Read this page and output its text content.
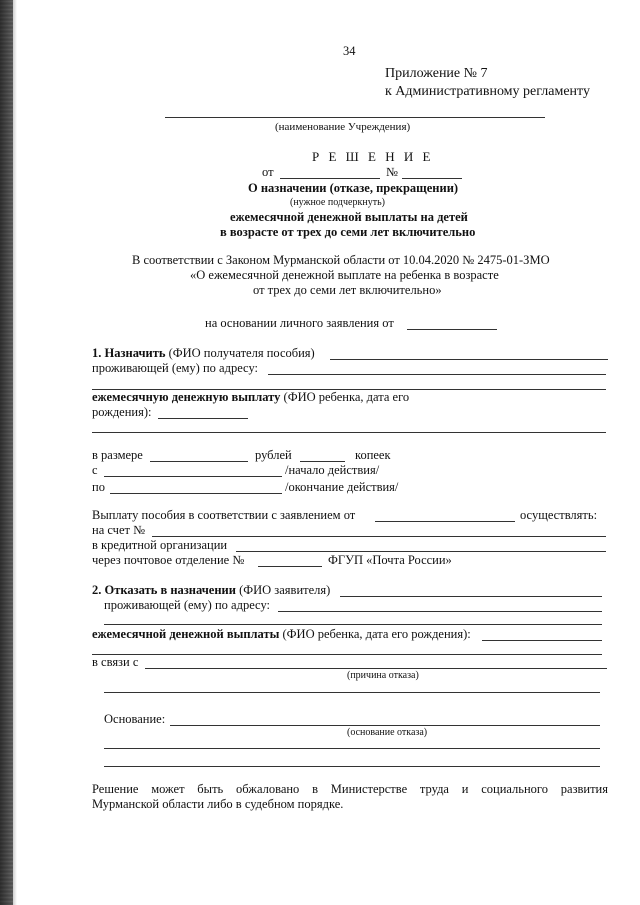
34
Приложение № 7
к Административному регламенту
(наименование Учреждения)
Р Е Ш Е Н И Е
от	№
О назначении (отказе, прекращении)
(нужное подчеркнуть)
ежемесячной денежной выплаты на детей
в возрасте от трех до семи лет включительно
В соответствии с Законом Мурманской области от 10.04.2020 № 2475-01-ЗМО
«О ежемесячной денежной выплате на ребенка в возрасте
от трех до семи лет включительно»
на основании личного заявления от
1. Назначить (ФИО получателя пособия)
проживающей (ему) по адресу:
ежемесячную денежную выплату (ФИО ребенка, дата его
рождения):
в размере	рублей	копеек
с	/начало действия/
по	/окончание действия/
Выплату пособия в соответствии с заявлением от	осуществлять:
на счет №
в кредитной организации
через почтовое отделение №	ФГУП «Почта России»
2. Отказать в назначении (ФИО заявителя)
проживающей (ему) по адресу:
ежемесячной денежной выплаты (ФИО ребенка, дата его рождения):
в связи с
(причина отказа)
Основание:
(основание отказа)
Решение может быть обжаловано в Министерстве труда и социального развития
Мурманской области либо в судебном порядке.
